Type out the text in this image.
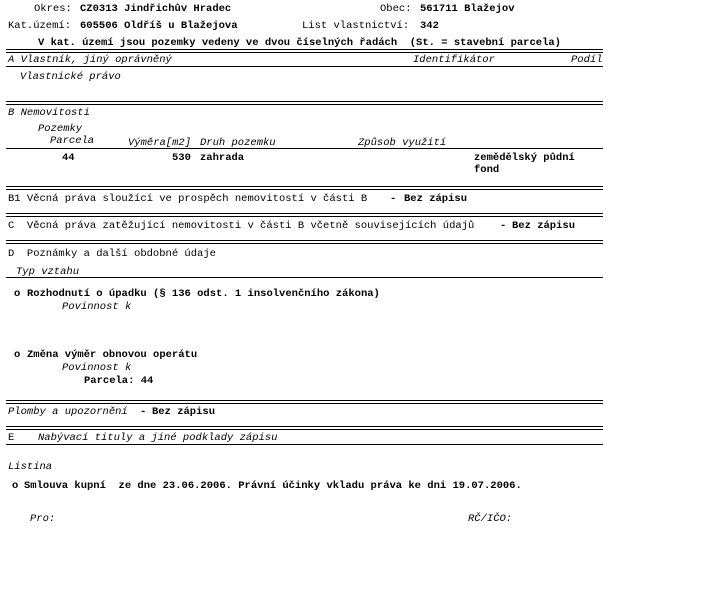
Okres: CZ0313 Jindřichův Hradec	Obec: 561711 Blažejov
Kat.území: 605506 Oldříš u Blažejova	List vlastnictví: 342
V kat. území jsou pozemky vedeny ve dvou číselných řadách  (St. = stavební parcela)
A Vlastník, jiný oprávněný	Identifikátor	Podíl
Vlastnické právo
B Nemovitosti
Pozemky
Parcela	Výměra[m2] Druh pozemku	Způsob využití
44	530 zahrada	zemědělský půdní
fond
B1 Věcná práva sloužící ve prospěch nemovitostí v části B - Bez zápisu
C  Věcná práva zatěžující nemovitosti v části B včetně souvisejících údajů - Bez zápisu
D  Poznámky a další obdobné údaje
Typ vztahu
o Rozhodnutí o úpadku (§ 136 odst. 1 insolvenčního zákona)
Povinnost k
o Změna výměr obnovou operátu
Povinnost k
Parcela: 44
Plomby a upozornění - Bez zápisu
E Nabývací tituly a jiné podklady zápisu
Listina
o Smlouva kupní  ze dne 23.06.2006. Právní účinky vkladu práva ke dni 19.07.2006.
Pro:	RČ/IČO:
